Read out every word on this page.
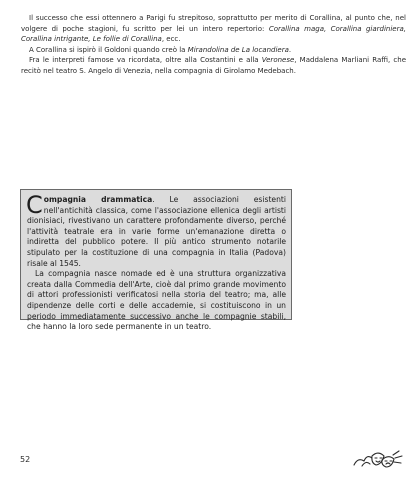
Il successo che essi ottennero a Parigi fu strepitoso, soprattutto per merito di Corallina, al punto che, nel volgere di poche stagioni, fu scritto per lei un intero repertorio: Corallina maga, Corallina giardiniera, Corallina intrigante, Le follie di Corallina, ecc.

A Corallina si ispirò il Goldoni quando creò la Mirandolina de La locandiera.

Fra le interpreti famose va ricordata, oltre alla Costantini e alla Veronese, Maddalena Marliani Raffi, che recitò nel teatro S. Angelo di Venezia, nella compagnia di Girolamo Medebach.

Compagnia drammatica. Le associazioni esistenti nell'antichità classica, come l'associazione ellenica degli artisti dionisiaci, rivestivano un carattere profondamente diverso, perché l'attività teatrale era in varie forme un'emanazione diretta o indiretta del pubblico potere. Il più antico strumento notarile stipulato per la costituzione di una compagnia in Italia (Padova) risale al 1545.

La compagnia nasce nomade ed è una struttura organizzativa creata dalla Commedia dell'Arte, cioè dal primo grande movimento di attori professionisti verificatosi nella storia del teatro; ma, alle dipendenze delle corti e delle accademie, si costituiscono in un periodo immediatamente successivo anche le compagnie stabili, che hanno la loro sede permanente in un teatro.

52
